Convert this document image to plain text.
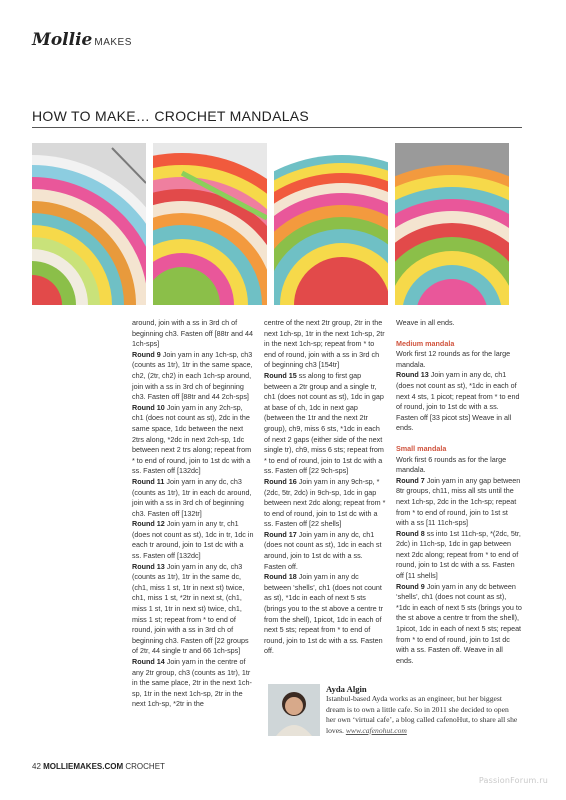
Mollie MAKES
HOW TO MAKE… CROCHET MANDALAS

around, join with a ss in 3rd ch of beginning ch3. Fasten off [88tr and 44 1ch-sps]

Round 9 Join yarn in any 1ch-sp, ch3 (counts as 1tr), 1tr in the same space, ch2, (2tr, ch2) in each 1ch-sp around, join with a ss in 3rd ch of beginning ch3. Fasten off [88tr and 44 2ch-sps]

Round 10 Join yarn in any 2ch-sp, ch1 (does not count as st), 2dc in the same space, 1dc between the next 2trs along, *2dc in next 2ch-sp, 1dc between next 2 trs along; repeat from * to end of round, join to 1st dc with a ss. Fasten off [132dc]

Round 11 Join yarn in any dc, ch3 (counts as 1tr), 1tr in each dc around, join with a ss in 3rd ch of beginning ch3. Fasten off [132tr]

Round 12 Join yarn in any tr, ch1 (does not count as st), 1dc in tr, 1dc in each tr around, join to 1st dc with a ss. Fasten off [132dc]

Round 13 Join yarn in any dc, ch3 (counts as 1tr), 1tr in the same dc, (ch1, miss 1 st, 1tr in next st) twice, ch1, miss 1 st, *2tr in next st, (ch1, miss 1 st, 1tr in next st) twice, ch1, miss 1 st; repeat from * to end of round, join with a ss in 3rd ch of beginning ch3. Fasten off [22 groups of 2tr, 44 single tr and 66 1ch-sps]

Round 14 Join yarn in the centre of any 2tr group, ch3 (counts as 1tr), 1tr in the same place, 2tr in the next 1ch-sp, 1tr in the next 1ch-sp, 2tr in the next 1ch-sp, *2tr in the

centre of the next 2tr group, 2tr in the next 1ch-sp, 1tr in the next 1ch-sp, 2tr in the next 1ch-sp; repeat from * to end of round, join with a ss in 3rd ch of beginning ch3 [154tr]

Round 15 ss along to first gap between a 2tr group and a single tr, ch1 (does not count as st), 1dc in gap at base of ch, 1dc in next gap (between the 1tr and the next 2tr group), ch9, miss 6 sts, *1dc in each of next 2 gaps (either side of the next single tr), ch9, miss 6 sts; repeat from * to end of round, join to 1st dc with a ss. Fasten off [22 9ch-sps]

Round 16 Join yarn in any 9ch-sp, *(2dc, 5tr, 2dc) in 9ch-sp, 1dc in gap between next 2dc along; repeat from * to end of round, join to 1st dc with a ss. Fasten off [22 shells]

Round 17 Join yarn in any dc, ch1 (does not count as st), 1dc in each st around, join to 1st dc with a ss. Fasten off.

Round 18 Join yarn in any dc between ‘shells’, ch1 (does not count as st), *1dc in each of next 5 sts (brings you to the st above a centre tr from the shell), 1picot, 1dc in each of next 5 sts; repeat from * to end of round, join to 1st dc with a ss. Fasten off.

Weave in all ends.

Medium mandala

Work first 12 rounds as for the large mandala.

Round 13 Join yarn in any dc, ch1 (does not count as st), *1dc in each of next 4 sts, 1 picot; repeat from * to end of round, join to 1st dc with a ss. Fasten off [33 picot sts] Weave in all ends.

Small mandala

Work first 6 rounds as for the large mandala.

Round 7 Join yarn in any gap between 8tr groups, ch11, miss all sts until the next 1ch-sp, 2dc in the 1ch-sp; repeat from * to end of round, join to 1st st with a ss [11 11ch-sps]

Round 8 ss into 1st 11ch-sp, *(2dc, 5tr, 2dc) in 11ch-sp, 1dc in gap between next 2dc along; repeat from * to end of round, join to 1st dc with a ss. Fasten off [11 shells]

Round 9 Join yarn in any dc between ‘shells’, ch1 (does not count as st), *1dc in each of next 5 sts (brings you to the st above a centre tr from the shell), 1picot, 1dc in each of next 5 sts; repeat from * to end of round, join to 1st dc with a ss. Fasten off. Weave in all ends.

Ayda Algin
Istanbul-based Ayda works as an engineer, but her biggest dream is to own a little cafe. So in 2011 she decided to open her own ‘virtual cafe’, a blog called cafenoHut, to share all she loves. www.cafenohut.com
42 MOLLIEMAKES.COM CROCHET
PassionForum.ru
